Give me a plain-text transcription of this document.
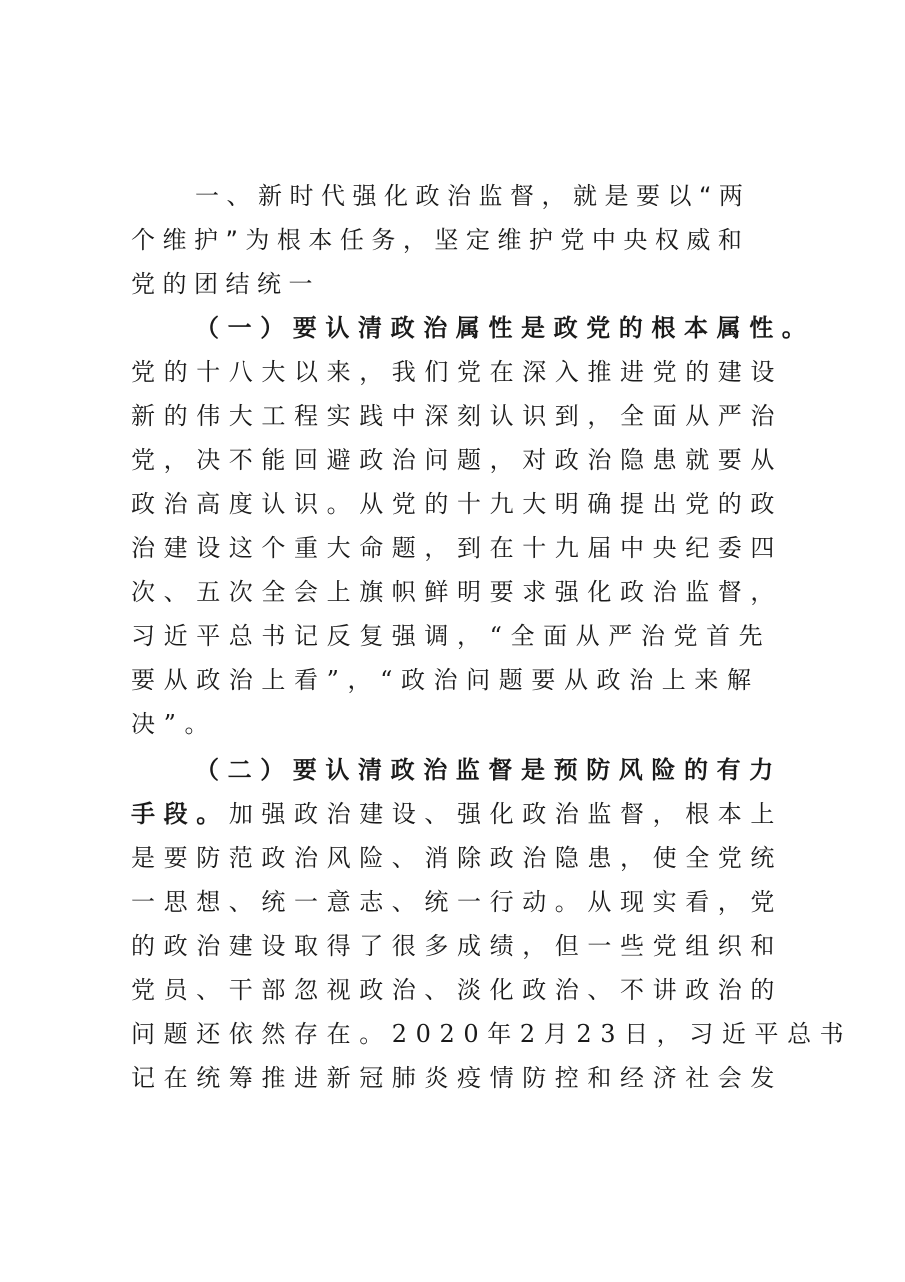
一、新时代强化政治监督，就是要以“两
个维护”为根本任务，坚定维护党中央权威和
党的团结统一
（一）要认清政治属性是政党的根本属性。
党的十八大以来，我们党在深入推进党的建设
新的伟大工程实践中深刻认识到，全面从严治
党，决不能回避政治问题，对政治隐患就要从
政治高度认识。从党的十九大明确提出党的政
治建设这个重大命题，到在十九届中央纪委四
次、五次全会上旗帜鲜明要求强化政治监督，
习近平总书记反复强调，“全面从严治党首先
要从政治上看”，“政治问题要从政治上来解
决”。
（二）要认清政治监督是预防风险的有力
手段。加强政治建设、强化政治监督，根本上
是要防范政治风险、消除政治隐患，使全党统
一思想、统一意志、统一行动。从现实看，党
的政治建设取得了很多成绩，但一些党组织和
党员、干部忽视政治、淡化政治、不讲政治的
问题还依然存在。2020年2月23日，习近平总书
记在统筹推进新冠肺炎疫情防控和经济社会发
